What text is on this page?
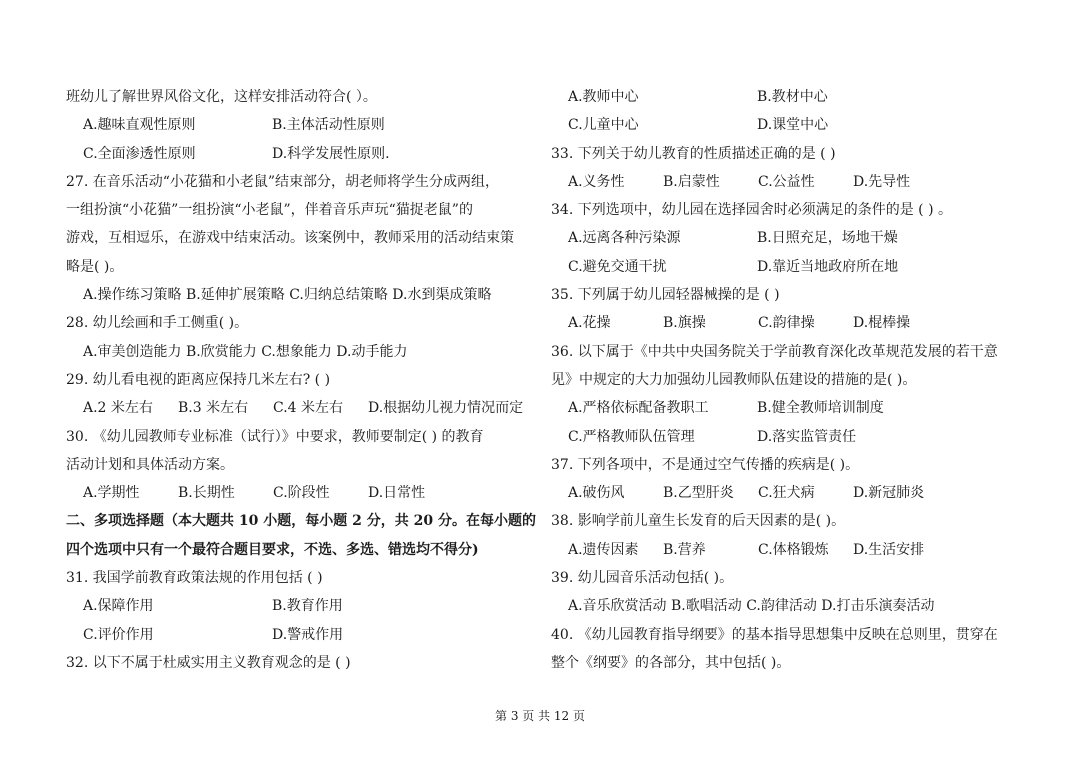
班幼儿了解世界风俗文化，这样安排活动符合( ）。
A.趣味直观性原则	B.主体活动性原则
C.全面渗透性原则	D.科学发展性原则.
27. 在音乐活动“小花猫和小老鼠”结束部分，胡老师将学生分成两组，
一组扮演“小花猫”一组扮演“小老鼠”，伴着音乐声玩“猫捉老鼠”的
游戏，互相逗乐，在游戏中结束活动。该案例中，教师采用的活动结束策
略是( )。
A.操作练习策略 B.延伸扩展策略 C.归纳总结策略 D.水到渠成策略
28. 幼儿绘画和手工侧重( )。
A.审美创造能力 B.欣赏能力 C.想象能力 D.动手能力
29. 幼儿看电视的距离应保持几米左右? ( )
A.2 米左右 B.3 米左右 C.4 米左右 D.根据幼儿视力情况而定
30. 《幼儿园教师专业标准（试行）》中要求，教师要制定( ) 的教育
活动计划和具体活动方案。
A.学期性	B.长期性	C.阶段性	D.日常性
二、多项选择题（本大题共 10 小题，每小题 2 分，共 20 分。在每小题的
四个选项中只有一个最符合题目要求，不选、多选、错选均不得分)
31. 我国学前教育政策法规的作用包括 ( )
A.保障作用	B.教育作用
C.评价作用	D.警戒作用
32. 以下不属于杜威实用主义教育观念的是 ( )
A.教师中心	B.教材中心
C.儿童中心	D.课堂中心
33. 下列关于幼儿教育的性质描述正确的是 ( )
A.义务性	B.启蒙性	C.公益性	D.先导性
34. 下列选项中，幼儿园在选择园舍时必须满足的条件的是 ( ) 。
A.远离各种污染源	B.日照充足，场地干燥
C.避免交通干扰	D.靠近当地政府所在地
35. 下列属于幼儿园轻器械操的是 ( )
A.花操	B.旗操	C.韵律操	D.棍棒操
36. 以下属于《中共中央国务院关于学前教育深化改革规范发展的若干意
见》中规定的大力加强幼儿园教师队伍建设的措施的是( )。
A.严格依标配备教职工	B.健全教师培训制度
C.严格教师队伍管理	D.落实监管责任
37. 下列各项中，不是通过空气传播的疾病是( )。
A.破伤风	B.乙型肝炎 C.狂犬病	D.新冠肺炎
38. 影响学前儿童生长发育的后天因素的是( )。
A.遗传因素 B.营养	C.体格锻炼 D.生活安排
39. 幼儿园音乐活动包括( )。
A.音乐欣赏活动 B.歌唱活动 C.韵律活动 D.打击乐演奏活动
40. 《幼儿园教育指导纲要》的基本指导思想集中反映在总则里，贯穿在
整个《纲要》的各部分，其中包括( )。
第 3 页 共 12 页
